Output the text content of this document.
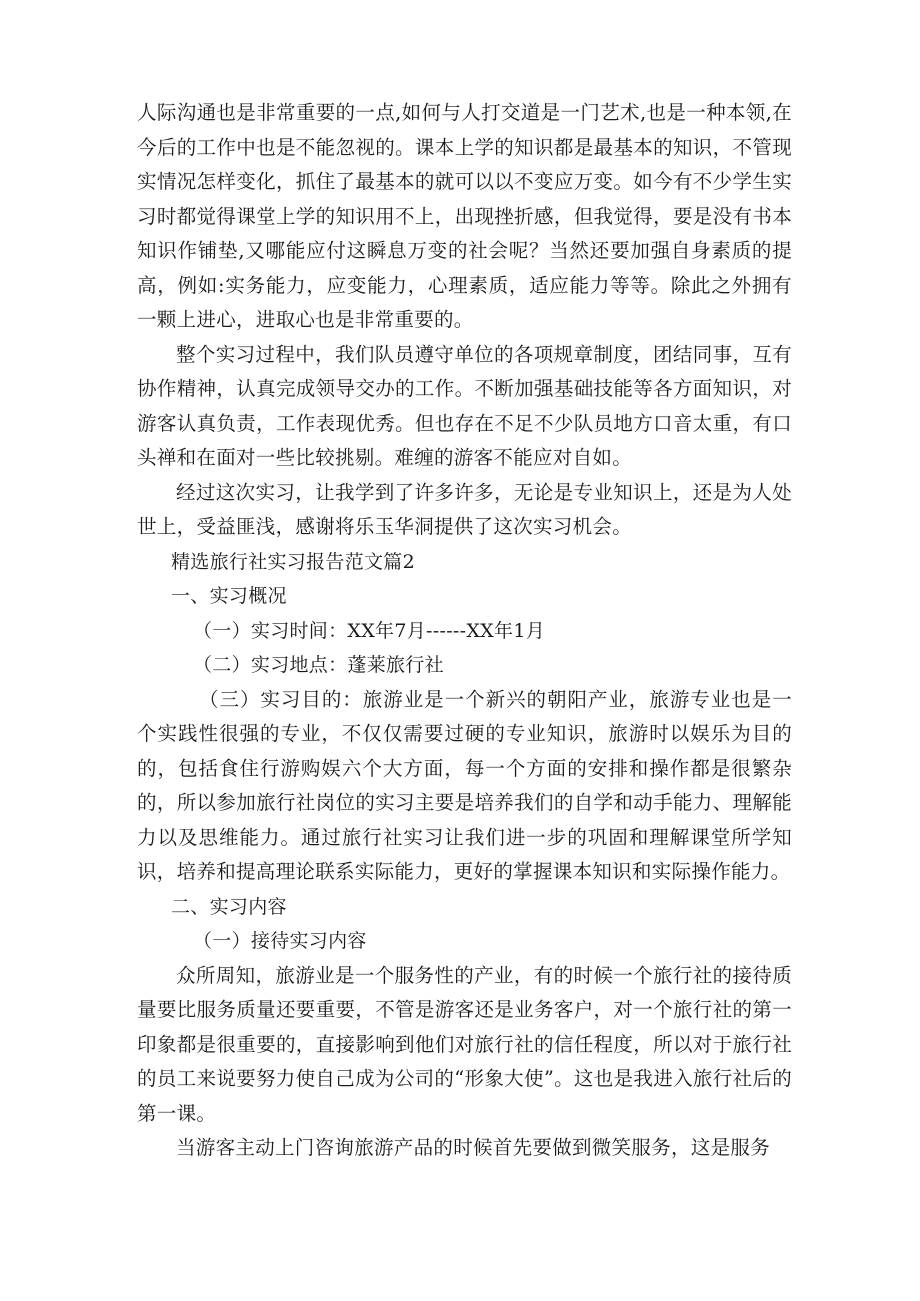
人际沟通也是非常重要的一点,如何与人打交道是一门艺术,也是一种本领,在今后的工作中也是不能忽视的。课本上学的知识都是最基本的知识，不管现实情况怎样变化，抓住了最基本的就可以以不变应万变。如今有不少学生实习时都觉得课堂上学的知识用不上，出现挫折感，但我觉得，要是没有书本知识作铺垫,又哪能应付这瞬息万变的社会呢？当然还要加强自身素质的提高，例如:实务能力，应变能力，心理素质，适应能力等等。除此之外拥有一颗上进心，进取心也是非常重要的。

整个实习过程中，我们队员遵守单位的各项规章制度，团结同事，互有协作精神，认真完成领导交办的工作。不断加强基础技能等各方面知识，对游客认真负责，工作表现优秀。但也存在不足不少队员地方口音太重，有口头禅和在面对一些比较挑剔。难缠的游客不能应对自如。

经过这次实习，让我学到了许多许多，无论是专业知识上，还是为人处世上，受益匪浅，感谢将乐玉华洞提供了这次实习机会。

精选旅行社实习报告范文篇2

一、实习概况

（一）实习时间：XX年7月------XX年1月

（二）实习地点：蓬莱旅行社

（三）实习目的：旅游业是一个新兴的朝阳产业，旅游专业也是一个实践性很强的专业，不仅仅需要过硬的专业知识，旅游时以娱乐为目的的，包括食住行游购娱六个大方面，每一个方面的安排和操作都是很繁杂的，所以参加旅行社岗位的实习主要是培养我们的自学和动手能力、理解能力以及思维能力。通过旅行社实习让我们进一步的巩固和理解课堂所学知识，培养和提高理论联系实际能力，更好的掌握课本知识和实际操作能力。

二、实习内容

（一）接待实习内容

众所周知，旅游业是一个服务性的产业，有的时候一个旅行社的接待质量要比服务质量还要重要，不管是游客还是业务客户，对一个旅行社的第一印象都是很重要的，直接影响到他们对旅行社的信任程度，所以对于旅行社的员工来说要努力使自己成为公司的“形象大使”。这也是我进入旅行社后的第一课。

当游客主动上门咨询旅游产品的时候首先要做到微笑服务，这是服务
